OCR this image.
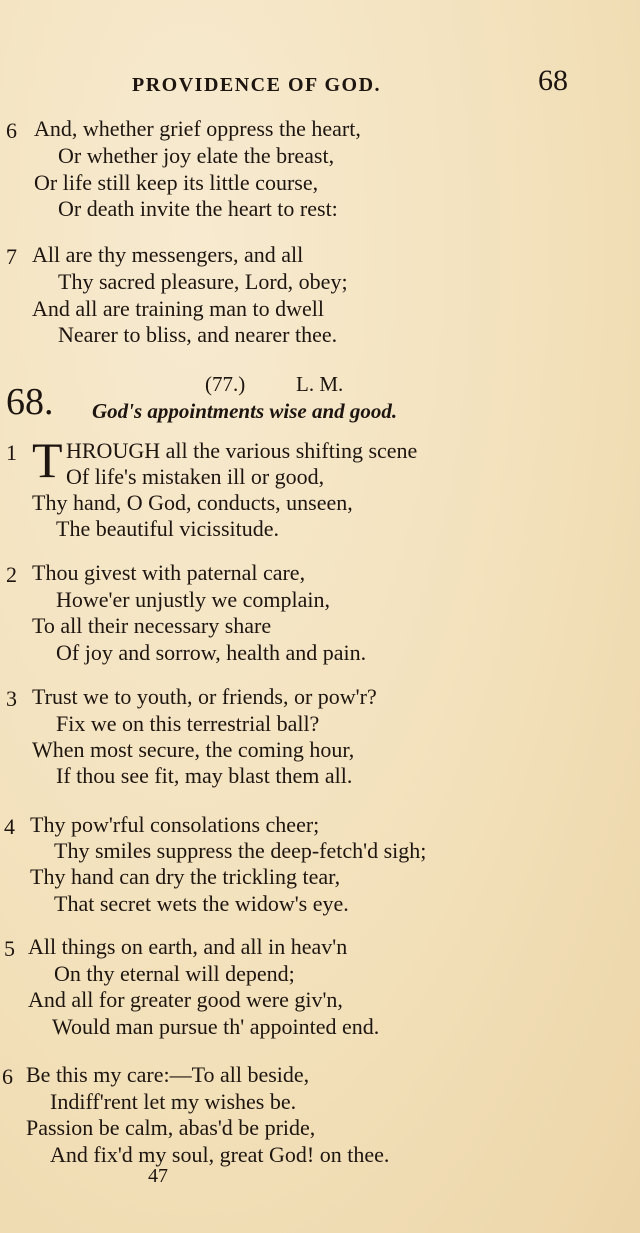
PROVIDENCE OF GOD.	68
6 And, whether grief oppress the heart,
Or whether joy elate the breast,
Or life still keep its little course,
Or death invite the heart to rest:
7 All are thy messengers, and all
Thy sacred pleasure, Lord, obey;
And all are training man to dwell
Nearer to bliss, and nearer thee.
68.	(77.) L. M.
God's appointments wise and good.
T
1 HROUGH all the various shifting scene
Of life's mistaken ill or good,
Thy hand, O God, conducts, unseen,
The beautiful vicissitude.
2 Thou givest with paternal care,
Howe'er unjustly we complain,
To all their necessary share
Of joy and sorrow, health and pain.
3 Trust we to youth, or friends, or pow'r?
Fix we on this terrestrial ball?
When most secure, the coming hour,
If thou see fit, may blast them all.
4 Thy pow'rful consolations cheer;
Thy smiles suppress the deep-fetch'd sigh;
Thy hand can dry the trickling tear,
That secret wets the widow's eye.
5 All things on earth, and all in heav'n
On thy eternal will depend;
And all for greater good were giv'n,
Would man pursue th' appointed end.
6 Be this my care:—To all beside,
Indiff'rent let my wishes be.
Passion be calm, abas'd be pride,
And fix'd my soul, great God! on thee.
47
